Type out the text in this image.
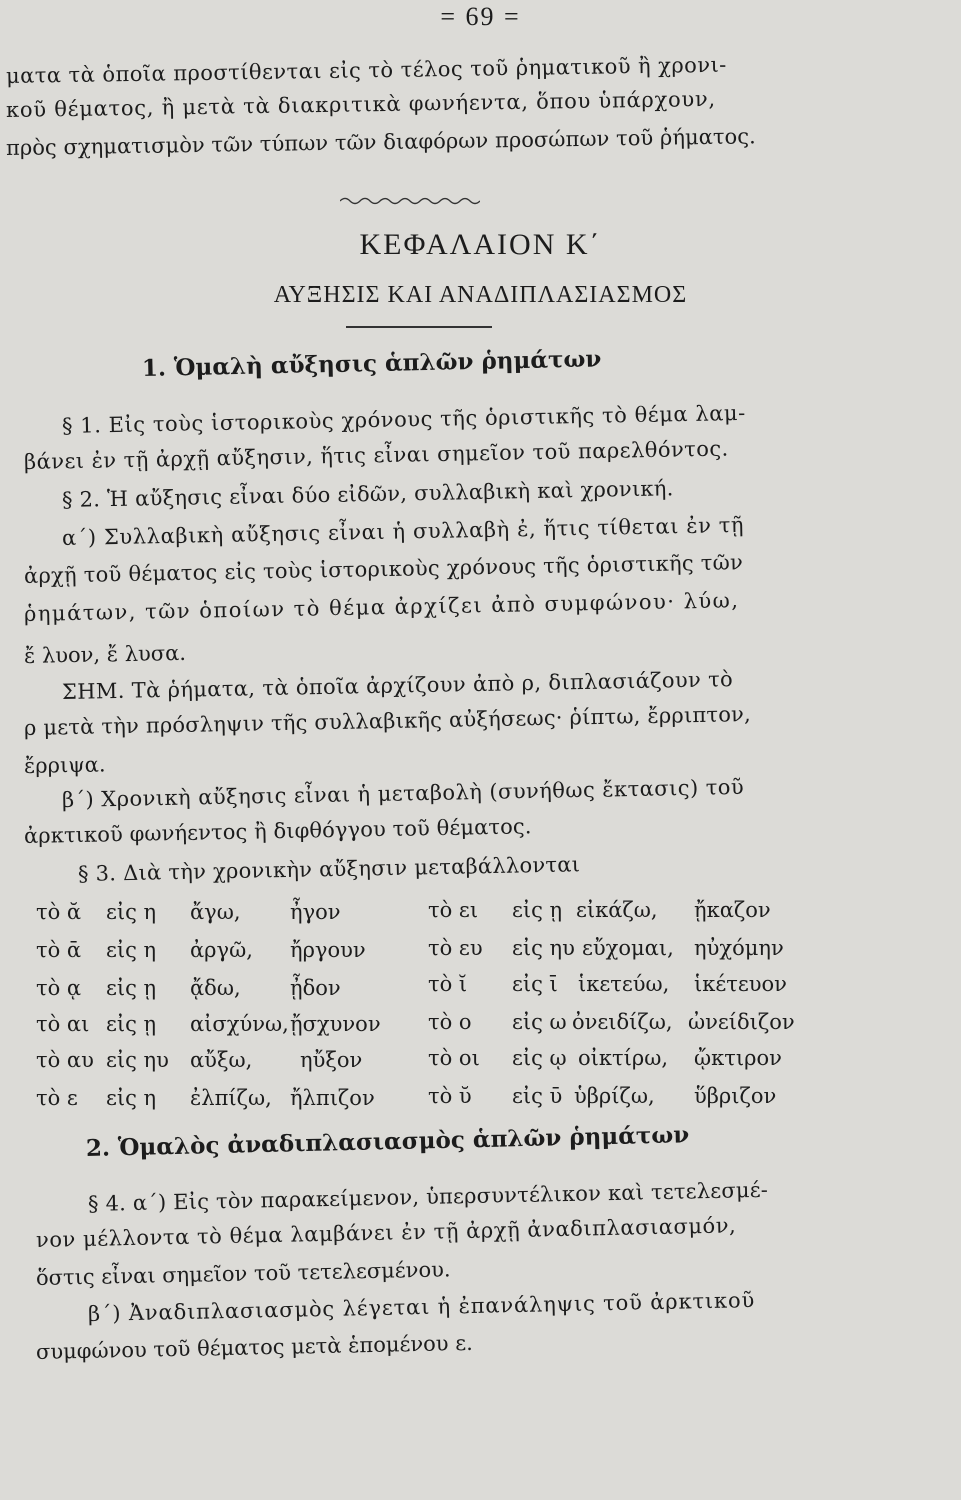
= 69 =
ματα τὰ ὁποῖα προστίθενται εἰς τὸ τέλος τοῦ ῥηματικοῦ ἢ χρονι-
κοῦ θέματος, ἢ μετὰ τὰ διακριτικὰ φωνήεντα, ὅπου ὑπάρχουν,
πρὸς σχηματισμὸν τῶν τύπων τῶν διαφόρων προσώπων τοῦ ῥήματος.
ΚΕΦΑΛΑΙΟΝ Κ΄
ΑΥΞΗΣΙΣ ΚΑΙ ΑΝΑΔΙΠΛΑΣΙΑΣΜΟΣ
1. Ὁμαλὴ αὔξησις ἁπλῶν ῥημάτων
§ 1. Εἰς τοὺς ἱστορικοὺς χρόνους τῆς ὁριστικῆς τὸ θέμα λαμ-
βάνει ἐν τῇ ἀρχῇ αὔξησιν, ἥτις εἶναι σημεῖον τοῦ παρελθόντος.
§ 2. Ἡ αὔξησις εἶναι δύο εἰδῶν, συλλαβικὴ καὶ χρονική.
α΄) Συλλαβικὴ αὔξησις εἶναι ἡ συλλαβὴ ἐ, ἥτις τίθεται ἐν τῇ
ἀρχῇ τοῦ θέματος εἰς τοὺς ἱστορικοὺς χρόνους τῆς ὁριστικῆς τῶν
ῥημάτων, τῶν ὁποίων τὸ θέμα ἀρχίζει ἀπὸ συμφώνου· λύω,
ἔ λυον, ἔ λυσα.
ΣΗΜ. Τὰ ῥήματα, τὰ ὁποῖα ἀρχίζουν ἀπὸ ρ, διπλασιάζουν τὸ
ρ μετὰ τὴν πρόσληψιν τῆς συλλαβικῆς αὐξήσεως· ῥίπτω, ἔρριπτον,
ἔρριψα.
β΄) Χρονικὴ αὔξησις εἶναι ἡ μεταβολὴ (συνήθως ἔκτασις) τοῦ
ἀρκτικοῦ φωνήεντος ἢ διφθόγγου τοῦ θέματος.
§ 3. Διὰ τὴν χρονικὴν αὔξησιν μεταβάλλονται
τὸ ᾰ εἰς η ἄγω, ἦγον
τὸ ᾱ εἰς η ἀργῶ, ἤργουν
τὸ ᾳ εἰς ῃ ᾄδω, ᾖδον
τὸ αι εἰς ῃ αἰσχύνω, ᾔσχυνον
τὸ αυ εἰς ηυ αὔξω, ηὔξον
τὸ ε εἰς η ἐλπίζω, ἤλπιζον
τὸ ει εἰς ῃ εἰκάζω, ᾔκαζον
τὸ ευ εἰς ηυ εὔχομαι, ηὐχόμην
τὸ ῐ εἰς ῑ ἱκετεύω, ἱκέτευον
τὸ ο εἰς ω ὀνειδίζω, ὠνείδιζον
τὸ οι εἰς ῳ οἰκτίρω, ᾤκτιρον
τὸ ῠ εἰς ῡ ὑβρίζω, ὕβριζον
2. Ὁμαλὸς ἀναδιπλασιασμὸς ἁπλῶν ῥημάτων
§ 4. α΄) Εἰς τὸν παρακείμενον, ὑπερσυντέλικον καὶ τετελεσμέ-
νον μέλλοντα τὸ θέμα λαμβάνει ἐν τῇ ἀρχῇ ἀναδιπλασιασμόν,
ὅστις εἶναι σημεῖον τοῦ τετελεσμένου.
β΄) Ἀναδιπλασιασμὸς λέγεται ἡ ἐπανάληψις τοῦ ἀρκτικοῦ
συμφώνου τοῦ θέματος μετὰ ἑπομένου ε.
